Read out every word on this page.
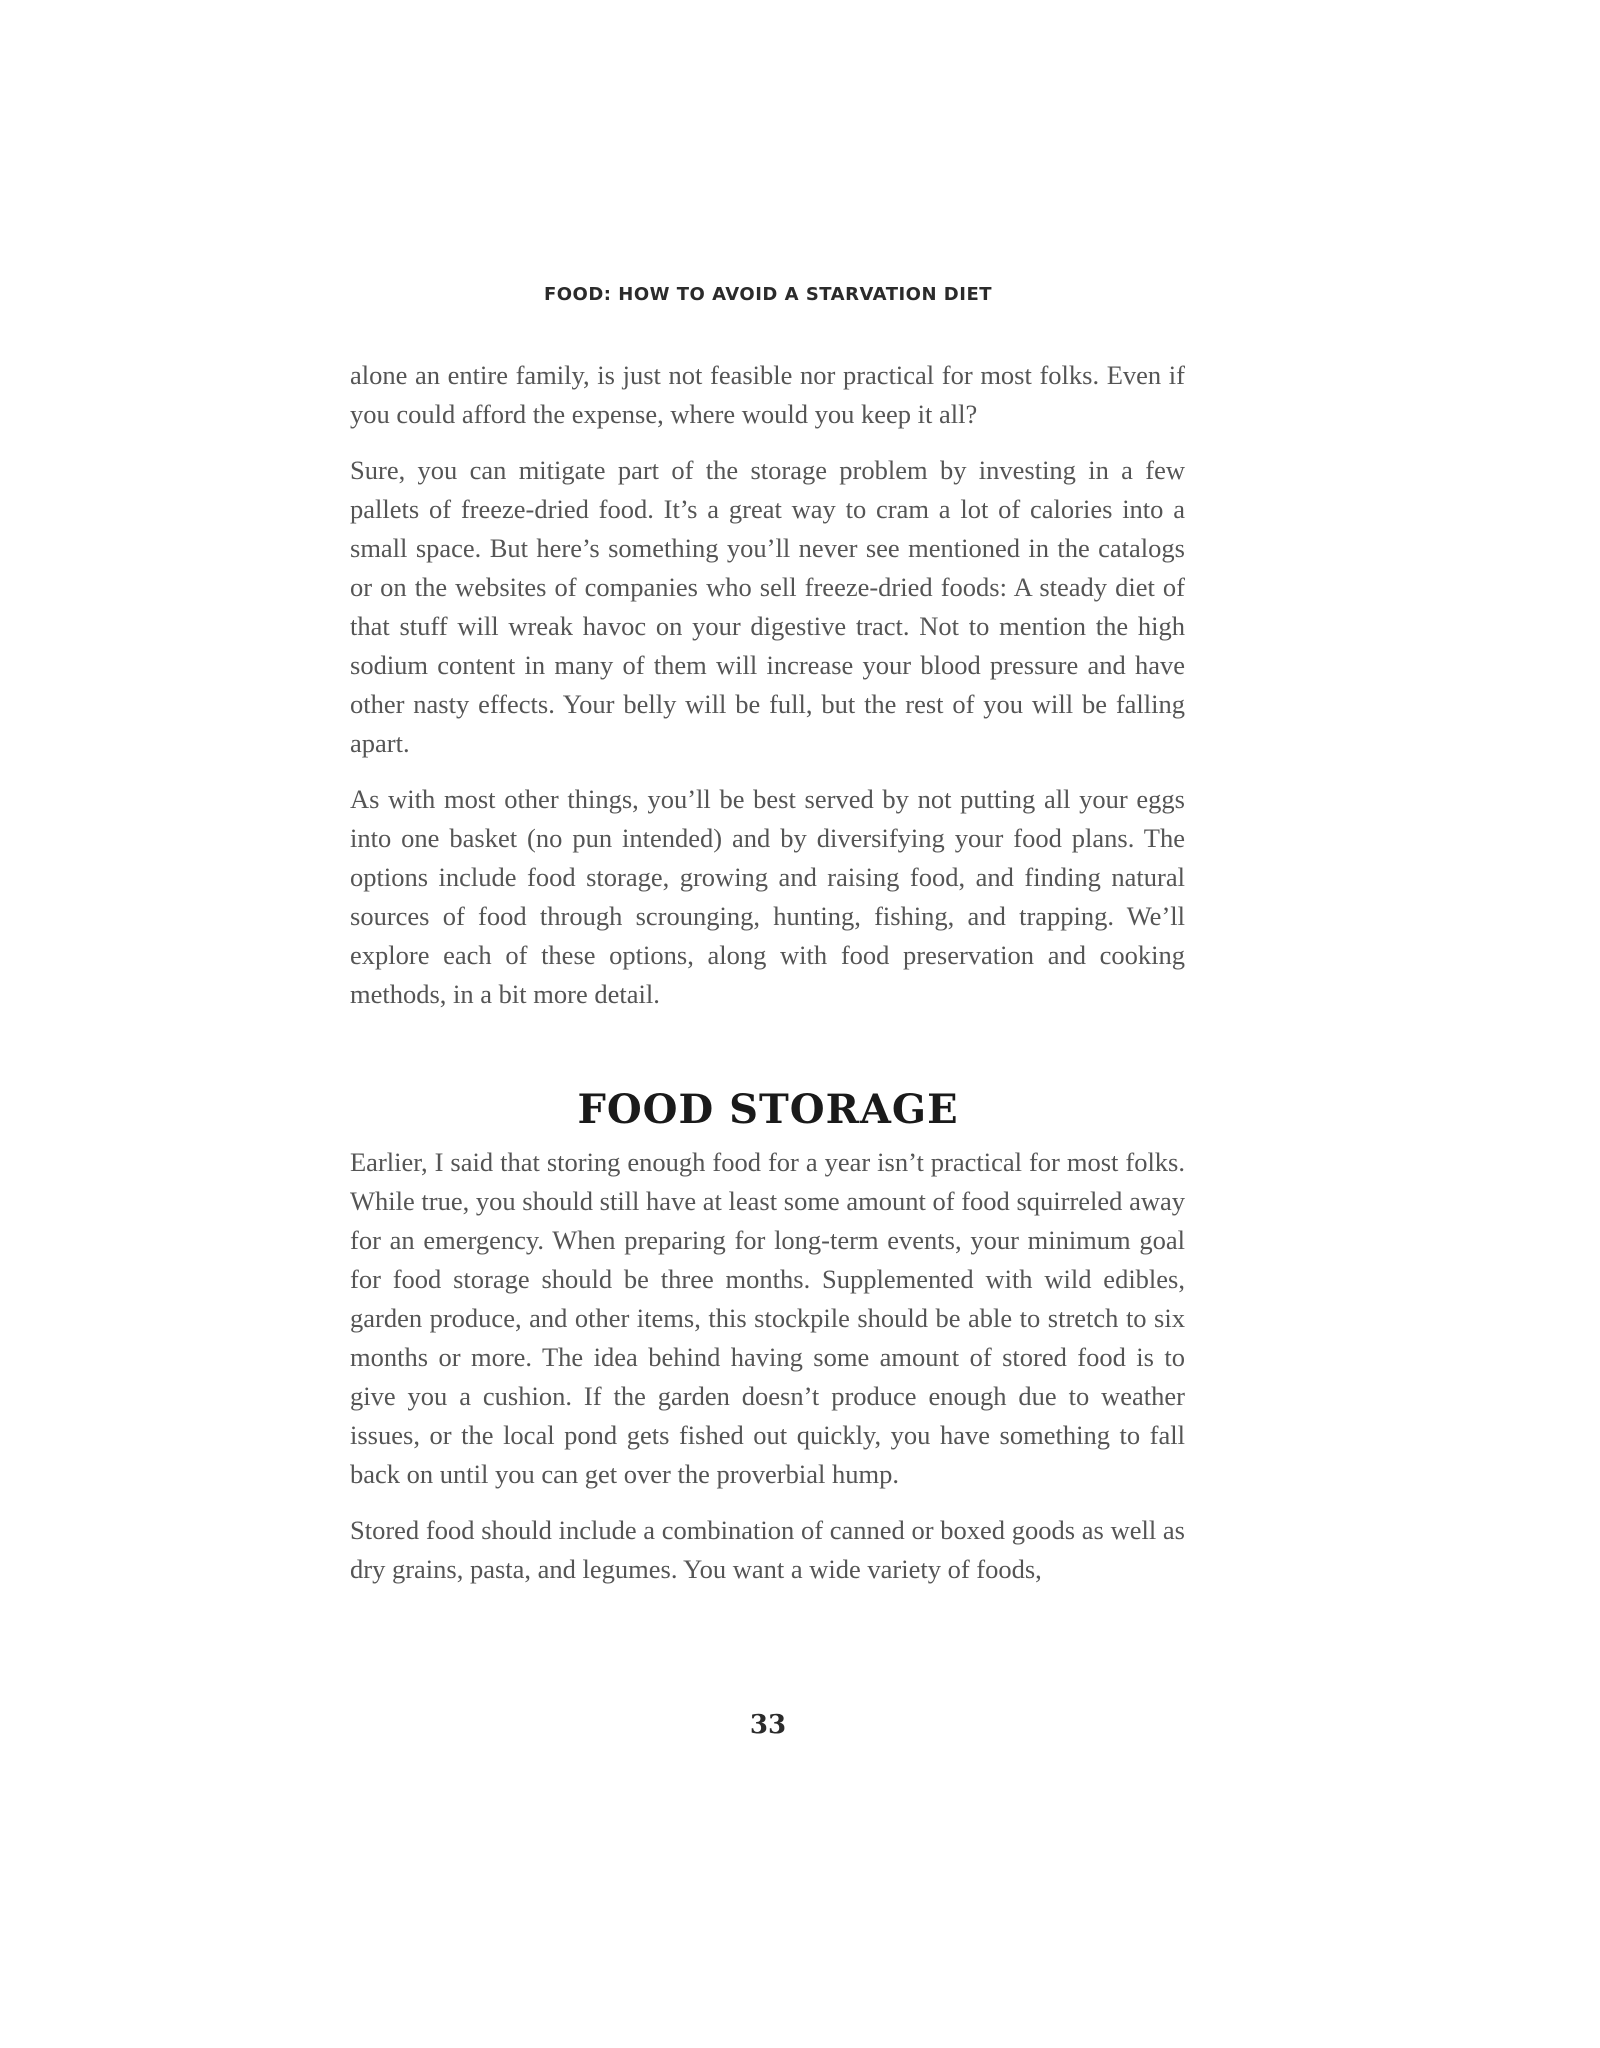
FOOD: HOW TO AVOID A STARVATION DIET

alone an entire family, is just not feasible nor practical for most folks. Even if you could afford the expense, where would you keep it all?

Sure, you can mitigate part of the storage problem by investing in a few pallets of freeze-dried food. It’s a great way to cram a lot of calories into a small space. But here’s something you’ll never see mentioned in the catalogs or on the websites of companies who sell freeze-dried foods: A steady diet of that stuff will wreak havoc on your digestive tract. Not to mention the high sodium content in many of them will increase your blood pressure and have other nasty effects. Your belly will be full, but the rest of you will be falling apart.

As with most other things, you’ll be best served by not putting all your eggs into one basket (no pun intended) and by diversifying your food plans. The options include food storage, growing and raising food, and finding natural sources of food through scrounging, hunting, fishing, and trapping. We’ll explore each of these options, along with food preservation and cooking methods, in a bit more detail.

FOOD STORAGE

Earlier, I said that storing enough food for a year isn’t practical for most folks. While true, you should still have at least some amount of food squirreled away for an emergency. When preparing for long-term events, your minimum goal for food storage should be three months. Supplemented with wild edibles, garden produce, and other items, this stockpile should be able to stretch to six months or more. The idea behind having some amount of stored food is to give you a cushion. If the garden doesn’t produce enough due to weather issues, or the local pond gets fished out quickly, you have something to fall back on until you can get over the proverbial hump.

Stored food should include a combination of canned or boxed goods as well as dry grains, pasta, and legumes. You want a wide variety of foods,

33
